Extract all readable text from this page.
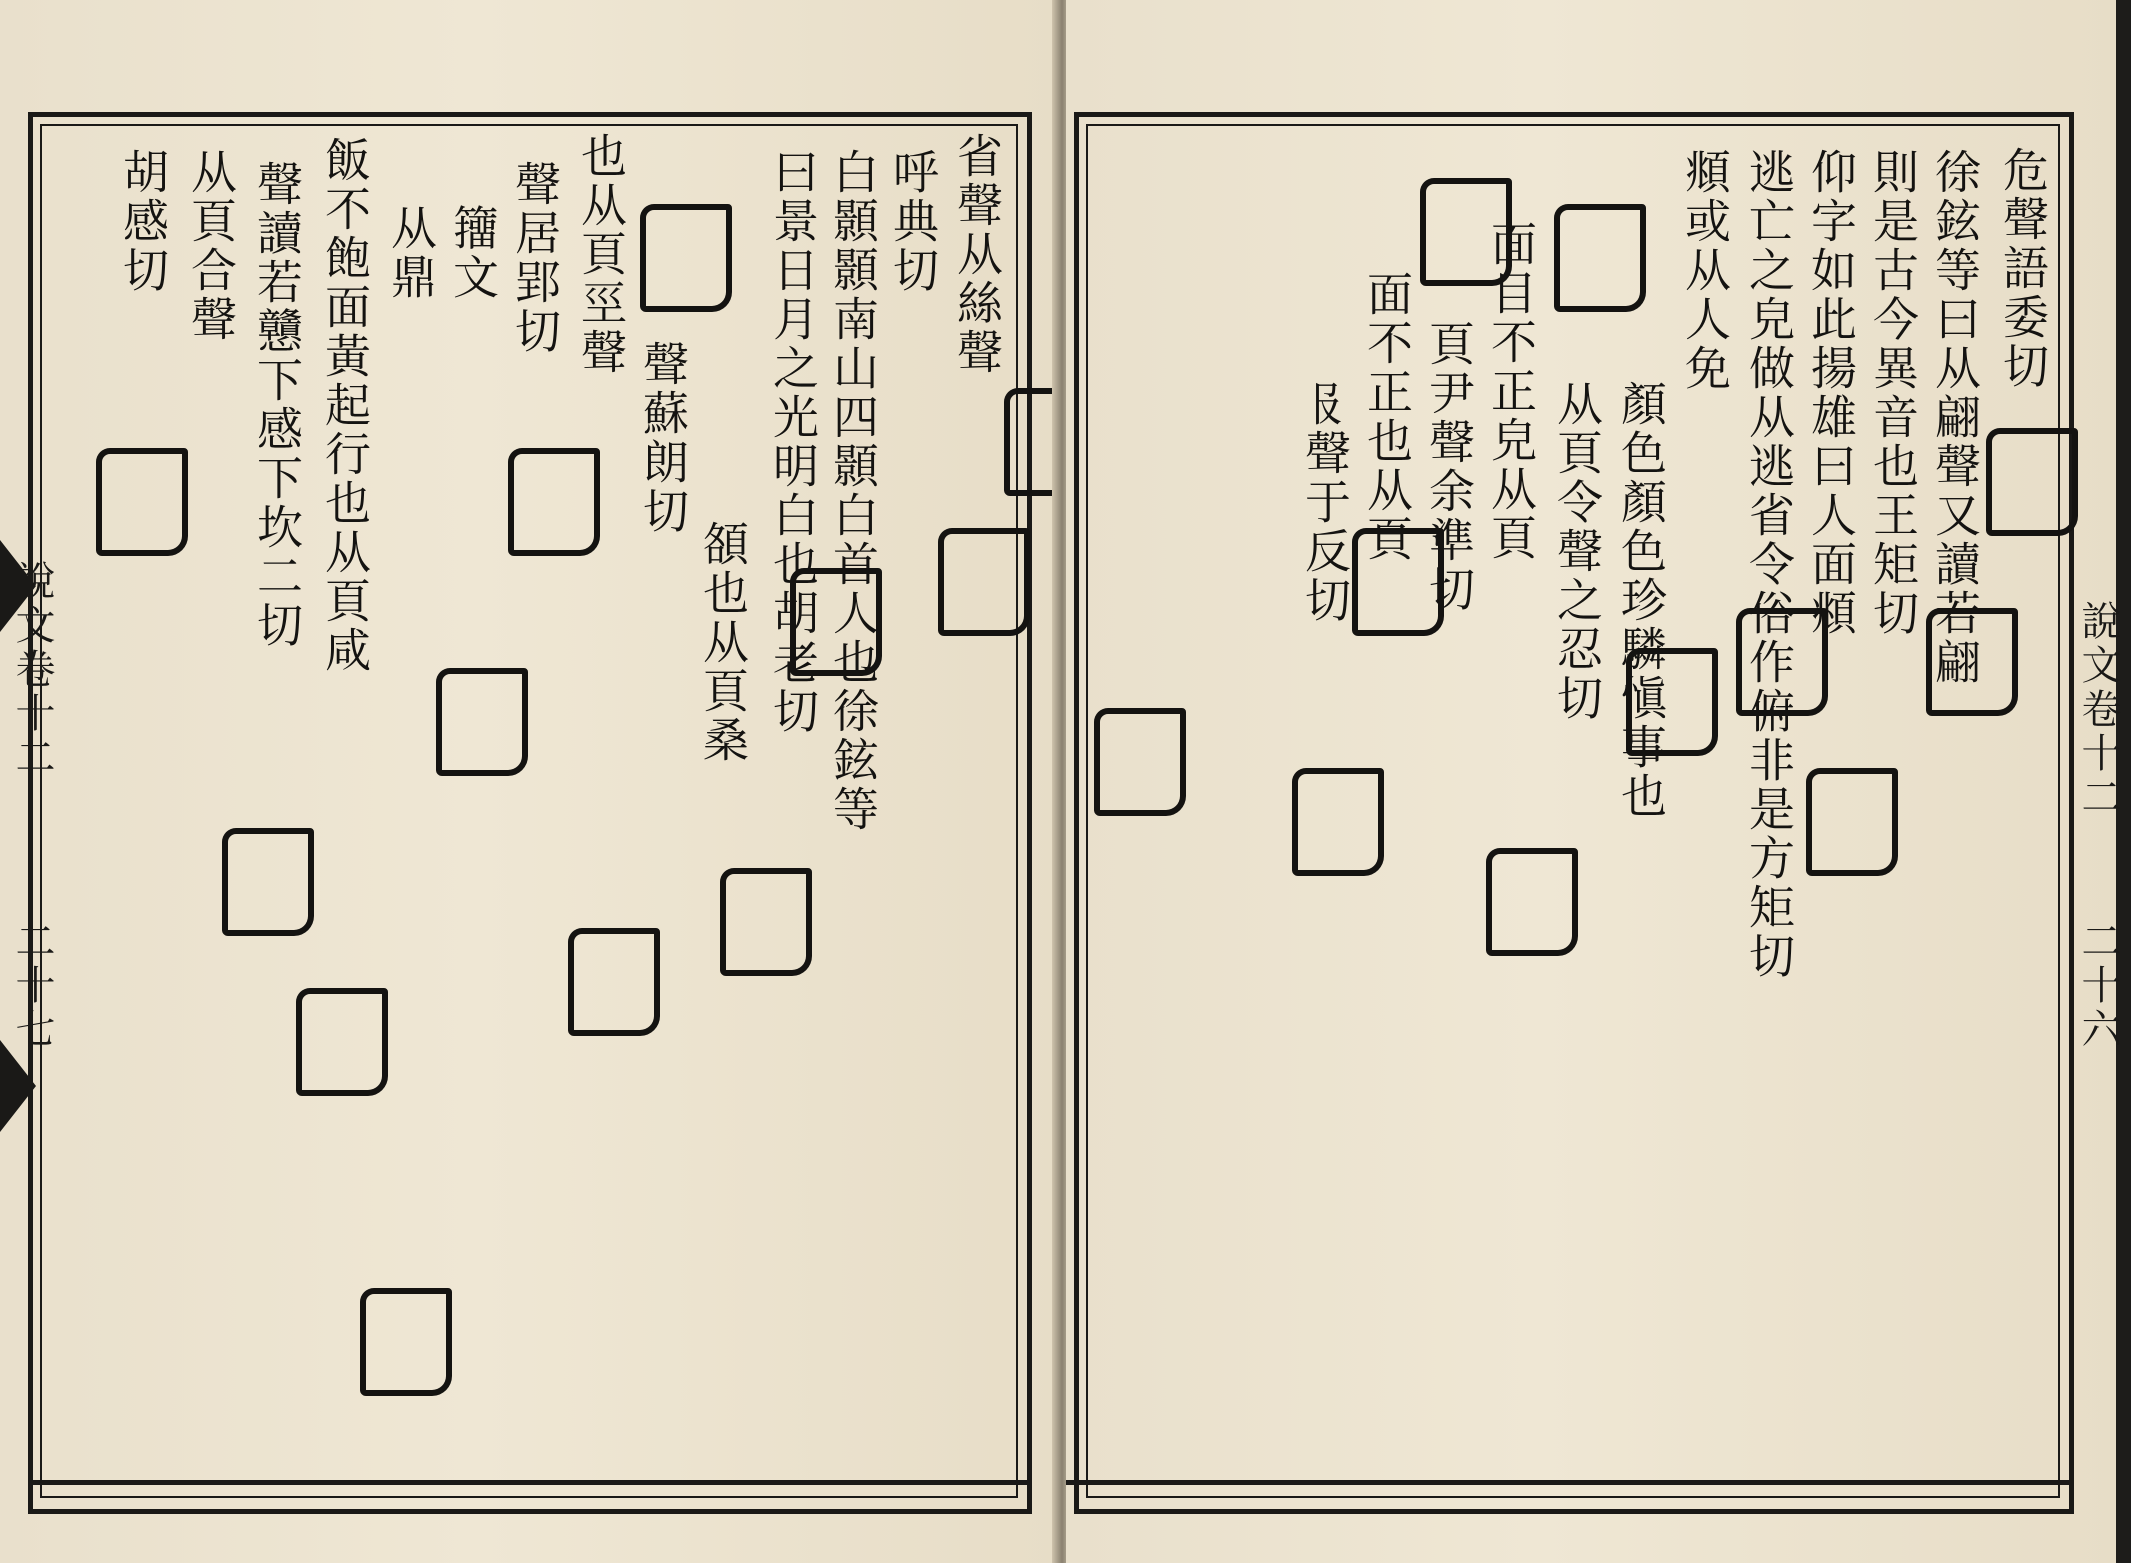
說文卷十二
二十七
省聲从絲聲
呼典切
白顥顥南山四顥白首人也徐鉉等
曰景日月之光明白也胡老切
頟也从頁桑
聲蘇朗切
也从頁巠聲
聲居郢切
籒文
从鼎
飯不飽面黃起行也从頁咸
聲讀若戇下感下坎二切
从頁合聲
胡感切
說文卷十二
二十六
危聲語委切
徐鉉等曰从翩聲又讀若翩
則是古今異音也王矩切
仰字如此揚雄曰人面頫
逃亡之皃做从逃省令俗作俯非是方矩切
頫或从人免
顏色顏色珍驎愼事也
从頁令聲之忍切
面目不正皃从頁
頁尹聲余準切
面不正也从頁
𠬝聲于反切
